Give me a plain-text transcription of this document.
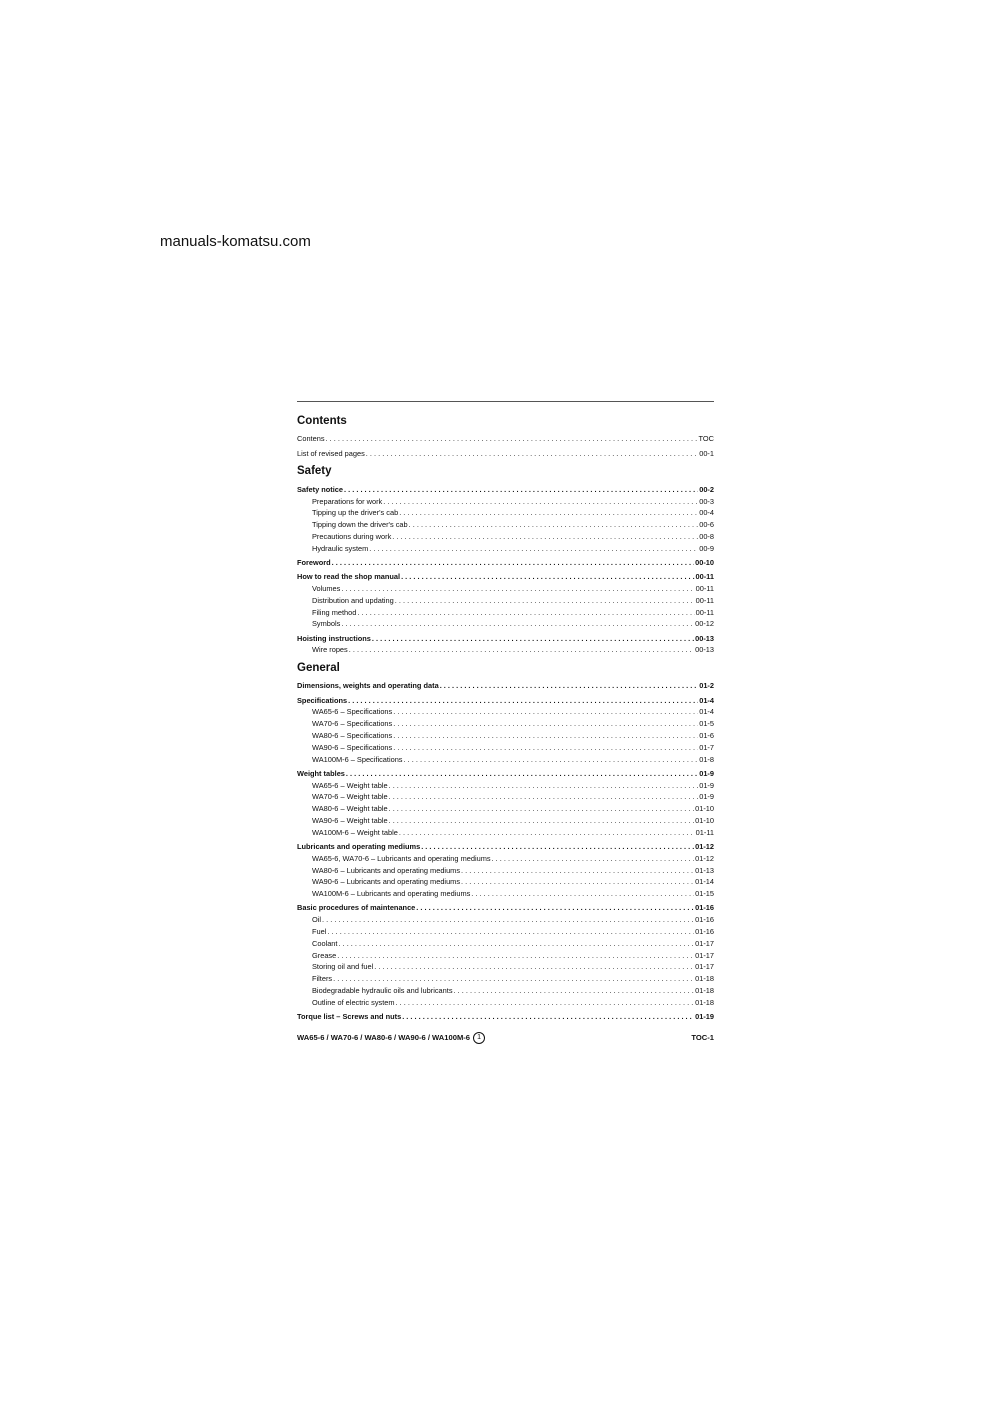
manuals-komatsu.com
Contents
Contens . . .	TOC
List of revised pages . . .	00-1
Safety
Safety notice . . .	00-2
Preparations for work . . .	00-3
Tipping up the driver's cab . . .	00-4
Tipping down the driver's cab . . .	00-6
Precautions during work . . .	00-8
Hydraulic system . . .	00-9
Foreword . . .	00-10
How to read the shop manual . . .	00-11
Volumes . . .	00-11
Distribution and updating . . .	00-11
Filing method . . .	00-11
Symbols . . .	00-12
Hoisting instructions . . .	00-13
Wire ropes . . .	00-13
General
Dimensions, weights and operating data . . .	01-2
Specifications . . .	01-4
WA65-6 – Specifications . . .	01-4
WA70-6 – Specifications . . .	01-5
WA80-6 – Specifications . . .	01-6
WA90-6 – Specifications . . .	01-7
WA100M-6 – Specifications . . .	01-8
Weight tables . . .	01-9
WA65-6 – Weight table . . .	01-9
WA70-6 – Weight table . . .	01-9
WA80-6 – Weight table . . .	01-10
WA90-6 – Weight table . . .	01-10
WA100M-6 – Weight table . . .	01-11
Lubricants and operating mediums . . .	01-12
WA65-6, WA70-6 – Lubricants and operating mediums . . .	01-12
WA80-6 – Lubricants and operating mediums . . .	01-13
WA90-6 – Lubricants and operating mediums . . .	01-14
WA100M-6 – Lubricants and operating mediums . . .	01-15
Basic procedures of maintenance . . .	01-16
Oil . . .	01-16
Fuel . . .	01-16
Coolant . . .	01-17
Grease . . .	01-17
Storing oil and fuel . . .	01-17
Filters . . .	01-18
Biodegradable hydraulic oils and lubricants . . .	01-18
Outline of electric system . . .	01-18
Torque list – Screws and nuts . . .	01-19
WA65-6 / WA70-6 / WA80-6 / WA90-6 / WA100M-6 1	TOC-1
